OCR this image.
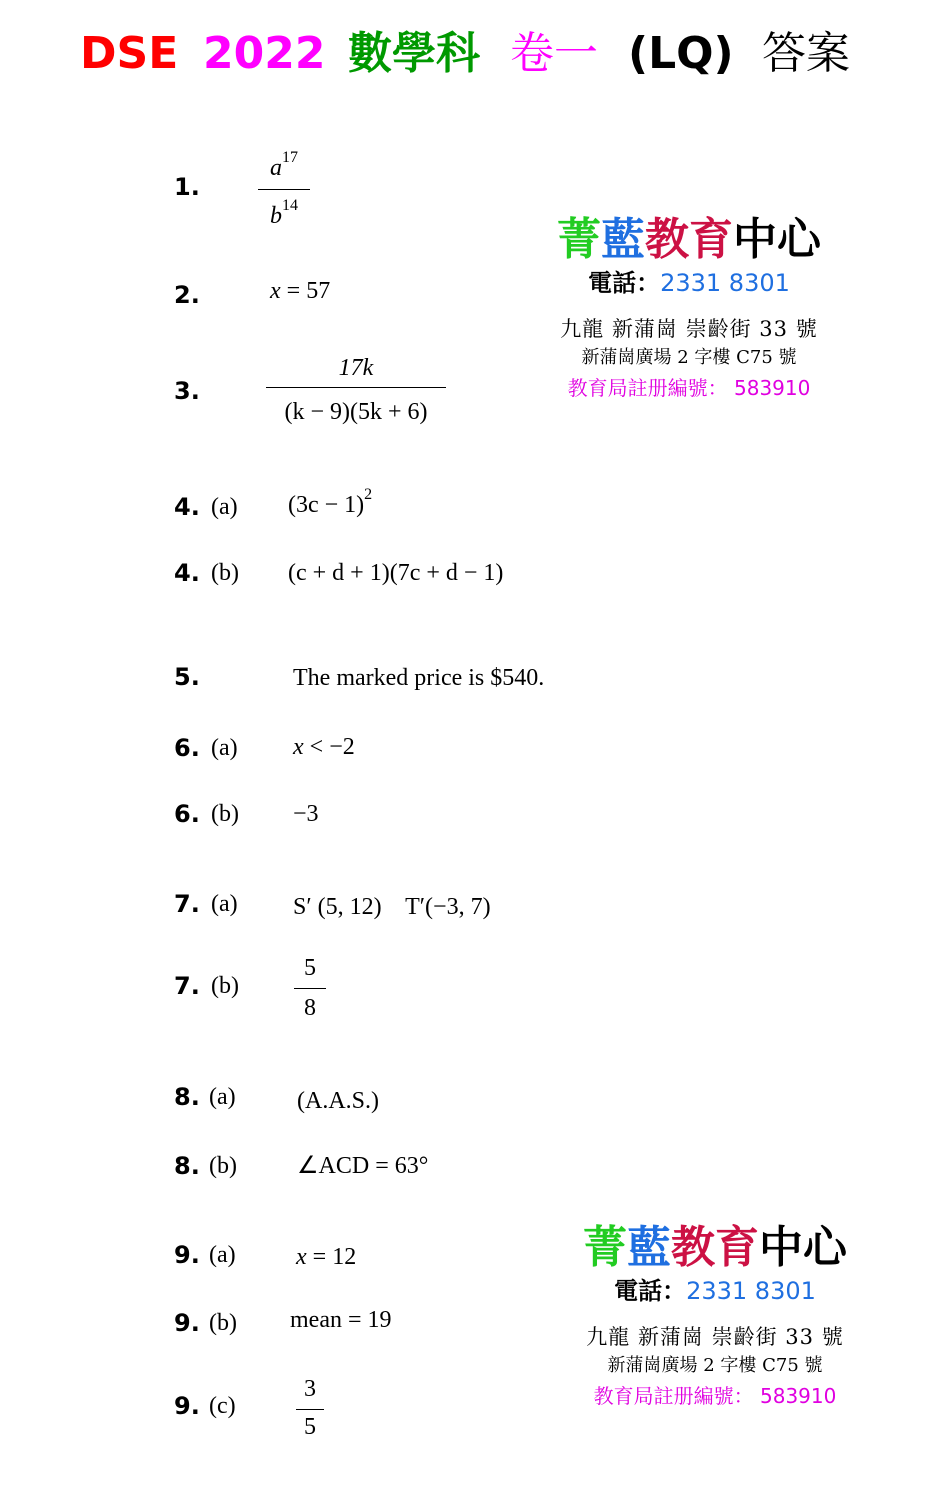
DSE 2022 數學科 卷一 (LQ) 答案
1.
$a^{17}$
$b^{14}$
2.	x = 57
3.
17k
(k − 9)(5k + 6)
4. (a) $(3c - 1)^2$
4. (b) (c + d + 1)(7c + d − 1)
5.	The marked price is $540.
6. (a) x < −2
6. (b) −3
7. (a) S′ (5, 12)    T′(−3, 7)
7. (b)
5
8
8. (a)	(A.A.S.)
8. (b)	∠ACD = 63°
9. (a)	x = 12
9. (b) mean = 19
9. (c)
3
5
菁藍教育中心
電話：2331 8301
九龍 新蒲崗 崇齡街 33 號
新蒲崗廣場 2 字樓 C75 號
教育局註册編號： 583910
菁藍教育中心
電話：2331 8301
九龍 新蒲崗 崇齡街 33 號
新蒲崗廣場 2 字樓 C75 號
教育局註册編號： 583910
